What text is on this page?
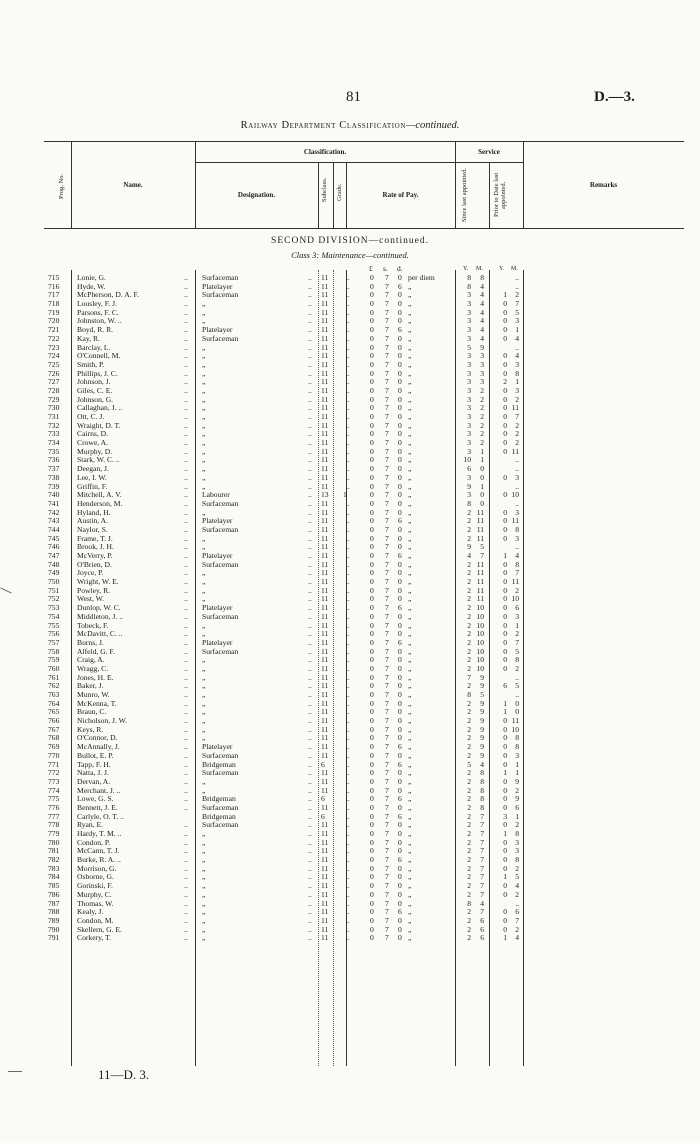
81	D.—3.
Railway Department Classification—continued.
Prog. No.	Name.
Classification.
Designation.	Subclass. Grade.	Rate of Pay.
Service
Since last appointed.	Prior to Date last appointed.	Remarks
SECOND DIVISION—continued.
Class 3: Maintenance—continued.
£ s. d.	Y. M.	Y. M.
715 Lonie, G.	.. Surfaceman	.. 11 ..	0 7 0 per diem	8	8	..
716 Hyde, W.	.. Platelayer	.. 11 ..	0 7 6 „	8	4	..
717 McPherson, D. A. F.	.. Surfaceman	.. 11 ..	0 7 0 „	3	4	1	2
718 Lousley, F. J.	.. „	.. 11 ..	0 7 0 „	3	4	0	7
719 Parsons, F. C.	.. „	.. 11 ..	0 7 0 „	3	4	0	5
720 Johnston, W. ..	.. „	.. 11 ..	0 7 0 „	3	4	0	3
721 Boyd, R. R.	.. Platelayer	.. 11 ..	0 7 6 „	3	4	0	1
722 Kay, R.	.. Surfaceman	.. 11 ..	0 7 0 „	3	4	0	4
723 Barclay, L.	.. „	.. 11 ..	0 7 0 „	5	9	..
724 O'Connell, M.	.. „	.. 11 ..	0 7 0 „	3	3	0	4
725 Smith, P.	.. „	.. 11 ..	0 7 0 „	3	3	0	3
726 Phillips, J. C.	.. „	.. 11 ..	0 7 0 „	3	3	0	8
727 Johnson, J.	.. „	.. 11 ..	0 7 0 „	3	3	2	1
728 Giles, C. E.	.. „	.. 11 ..	0 7 0 „	3	2	0	3
729 Johnson, G.	.. „	.. 11 ..	0 7 0 „	3	2	0	2
730 Callaghan, J. ..	.. „	.. 11 ..	0 7 0 „	3	2	0 11
731 Ott, C. J.	.. „	.. 11 ..	0 7 0 „	3	2	0	7
732 Wraight, D. T.	.. „	.. 11 ..	0 7 0 „	3	2	0	2
733 Cairns, D.	.. „	.. 11 ..	0 7 0 „	3	2	0	2
734 Crowe, A.	.. „	.. 11 ..	0 7 0 „	3	2	0	2
735 Murphy, D.	.. „	.. 11 ..	0 7 0 „	3	1	0 11
736 Stark, W. C. ..	.. „	.. 11 ..	0 7 0 „	10	1	..
737 Deegan, J.	.. „	.. 11 ..	0 7 0 „	6	0	..
738 Lee, I. W.	.. „	.. 11 ..	0 7 0 „	3	0	0	3
739 Griffin, F.	.. „	.. 11 ..	0 7 0 „	9	1	..
740 Mitchell, A. V.	.. Labourer	.. 13 1	0 7 0 „	3	0	0 10
741 Henderson, M.	.. Surfaceman	.. 11 ..	0 7 0 „	8	0	..
742 Hyland, H.	.. „	.. 11 ..	0 7 0 „	2 11	0	3
743 Austin, A.	.. Platelayer	.. 11 ..	0 7 6 „	2 11	0 11
744 Naylor, S.	.. Surfaceman	.. 11 ..	0 7 0 „	2 11	0	8
745 Frame, T. J.	.. „	.. 11 ..	0 7 0 „	2 11	0	3
746 Brook, J. H.	.. „	.. 11 ..	0 7 0 „	9	5	..
747 McVerry, P.	.. Platelayer	.. 11 ..	0 7 6 „	4	7	1	4
748 O'Brien, D.	.. Surfaceman	.. 11 ..	0 7 0 „	2 11	0	8
749 Joyce, P.	.. „	.. 11 ..	0 7 0 „	2 11	0	7
750 Wright, W. E.	.. „	.. 11 ..	0 7 0 „	2 11	0 11
751 Powley, R.	.. „	.. 11 ..	0 7 0 „	2 11	0	2
752 West, W.	.. „	.. 11 ..	0 7 0 „	2 11	0 10
753 Dunlop, W. C.	.. Platelayer	.. 11 ..	0 7 6 „	2 10	0	6
754 Middleton, J. ..	.. Surfaceman	.. 11 ..	0 7 0 „	2 10	0	3
755 Tobeck, F.	.. „	.. 11 ..	0 7 0 „	2 10	0	1
756 McDavitt, C. ..	.. „	.. 11 ..	0 7 0 „	2 10	0	2
757 Burns, J.	.. Platelayer	.. 11 ..	0 7 6 „	2 10	0	7
758 Alfeld, G. F.	.. Surfaceman	.. 11 ..	0 7 0 „	2 10	0	5
759 Craig, A.	.. „	.. 11 ..	0 7 0 „	2 10	0	8
760 Wragg, C.	.. „	.. 11 ..	0 7 0 „	2 10	0	2
761 Jones, H. E.	.. „	.. 11 ..	0 7 0 „	7	9	..
762 Baker, J.	.. „	.. 11 ..	0 7 0 „	2	9	6	5
763 Munro, W.	.. „	.. 11 ..	0 7 0 „	8	5	..
764 McKenna, T.	.. „	.. 11 ..	0 7 0 „	2	9	1	0
765 Braun, C.	.. „	.. 11 ..	0 7 0 „	2	9	1	0
766 Nicholson, J. W.	.. „	.. 11 ..	0 7 0 „	2	9	0 11
767 Keys, R.	.. „	.. 11 ..	0 7 0 „	2	9	0 10
768 O'Connor, D.	.. „	.. 11 ..	0 7 0 „	2	9	0	8
769 McAnnally, J.	.. Platelayer	.. 11 ..	0 7 6 „	2	9	0	8
770 Bullot, E. P.	.. Surfaceman	.. 11 ..	0 7 0 „	2	9	0	3
771 Tapp, F. H.	.. Bridgeman	.. 6	..	0 7 6 „	5	4	0	1
772 Natta, J. J.	.. Surfaceman	.. 11 ..	0 7 0 „	2	8	1	1
773 Dervan, A.	.. „	.. 11 ..	0 7 0 „	2	8	0	9
774 Merchant, J. ..	.. „	.. 11 ..	0 7 0 „	2	8	0	2
775 Lowe, G. S.	.. Bridgeman	.. 6	..	0 7 6 „	2	8	0	9
776 Bennett, J. E.	.. Surfaceman	.. 11 ..	0 7 0 „	2	8	0	6
777 Carlyle, O. T. ..	Bridgeman	.. 6	..	0 7 6 „	2	7	3	1
778 Ryan, E.	.. Surfaceman	.. 11 ..	0 7 0 „	2	7	0	2
779 Hardy, T. M. ..	.. „	.. 11 ..	0 7 0 „	2	7	1	8
780 Condon, P.	.. „	.. 11 ..	0 7 0 „	2	7	0	3
781 McCann, T. J.	.. „	.. 11 ..	0 7 0 „	2	7	0	3
782 Burke, R. A. ..	.. „	.. 11 ..	0 7 6 „	2	7	0	8
783 Morrison, G.	.. „	.. 11 ..	0 7 0 „	2	7	0	2
784 Osborne, G.	.. „	.. 11 ..	0 7 0 „	2	7	1	5
785 Gorinski, F.	.. „	.. 11 ..	0 7 0 „	2	7	0	4
786 Murphy, C.	.. „	.. 11 ..	0 7 0 „	2	7	0	2
787 Thomas, W.	.. „	.. 11 ..	0 7 0 „	8	4	..
788 Kealy, J.	.. „	.. 11 ..	0 7 6 „	2	7	0	6
789 Condon, M.	.. „	.. 11 ..	0 7 0 „	2	6	0	7
790 Skellern, G. E.	.. „	.. 11 ..	0 7 0 „	2	6	0	2
791 Corkery, T.	.. „	.. 11 ..	0 7 0 „	2	6	1	4
11—D. 3.
